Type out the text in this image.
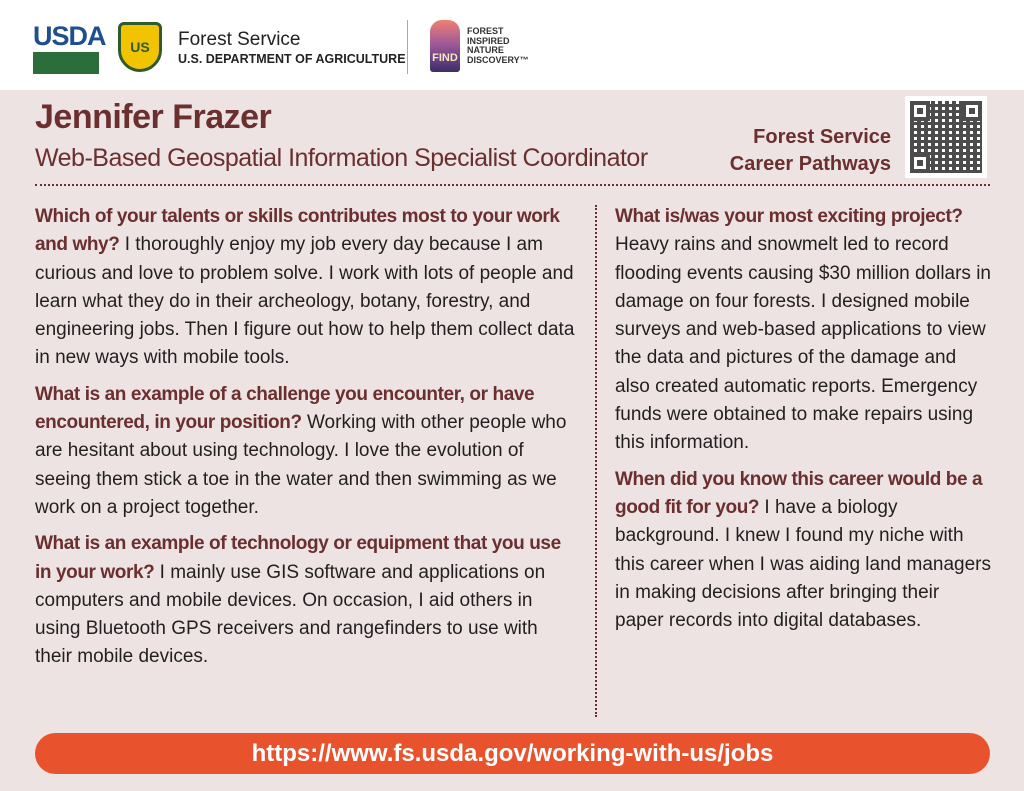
USDA	US	Forest Service
U.S. DEPARTMENT OF AGRICULTURE FIND
FOREST
INSPIRED
NATURE
DISCOVERY™
Jennifer Frazer
Web-Based Geospatial Information Specialist Coordinator
Forest Service
Career Pathways

Which of your talents or skills contributes most to your work and why? I thoroughly enjoy my job every day because I am curious and love to problem solve. I work with lots of people and learn what they do in their archeology, botany, forestry, and engineering jobs. Then I figure out how to help them collect data in new ways with mobile tools.

What is an example of a challenge you encounter, or have encountered, in your position? Working with other people who are hesitant about using technology. I love the evolution of seeing them stick a toe in the water and then swimming as we work on a project together.

What is an example of technology or equipment that you use in your work? I mainly use GIS software and applications on computers and mobile devices. On occasion, I aid others in using Bluetooth GPS receivers and rangefinders to use with their mobile devices.

What is/was your most exciting project? Heavy rains and snowmelt led to record flooding events causing $30 million dollars in damage on four forests. I designed mobile surveys and web-based applications to view the data and pictures of the damage and also created automatic reports. Emergency funds were obtained to make repairs using this information.

When did you know this career would be a good fit for you? I have a biology background. I knew I found my niche with this career when I was aiding land managers in making decisions after bringing their paper records into digital databases.

https://www.fs.usda.gov/working-with-us/jobs
